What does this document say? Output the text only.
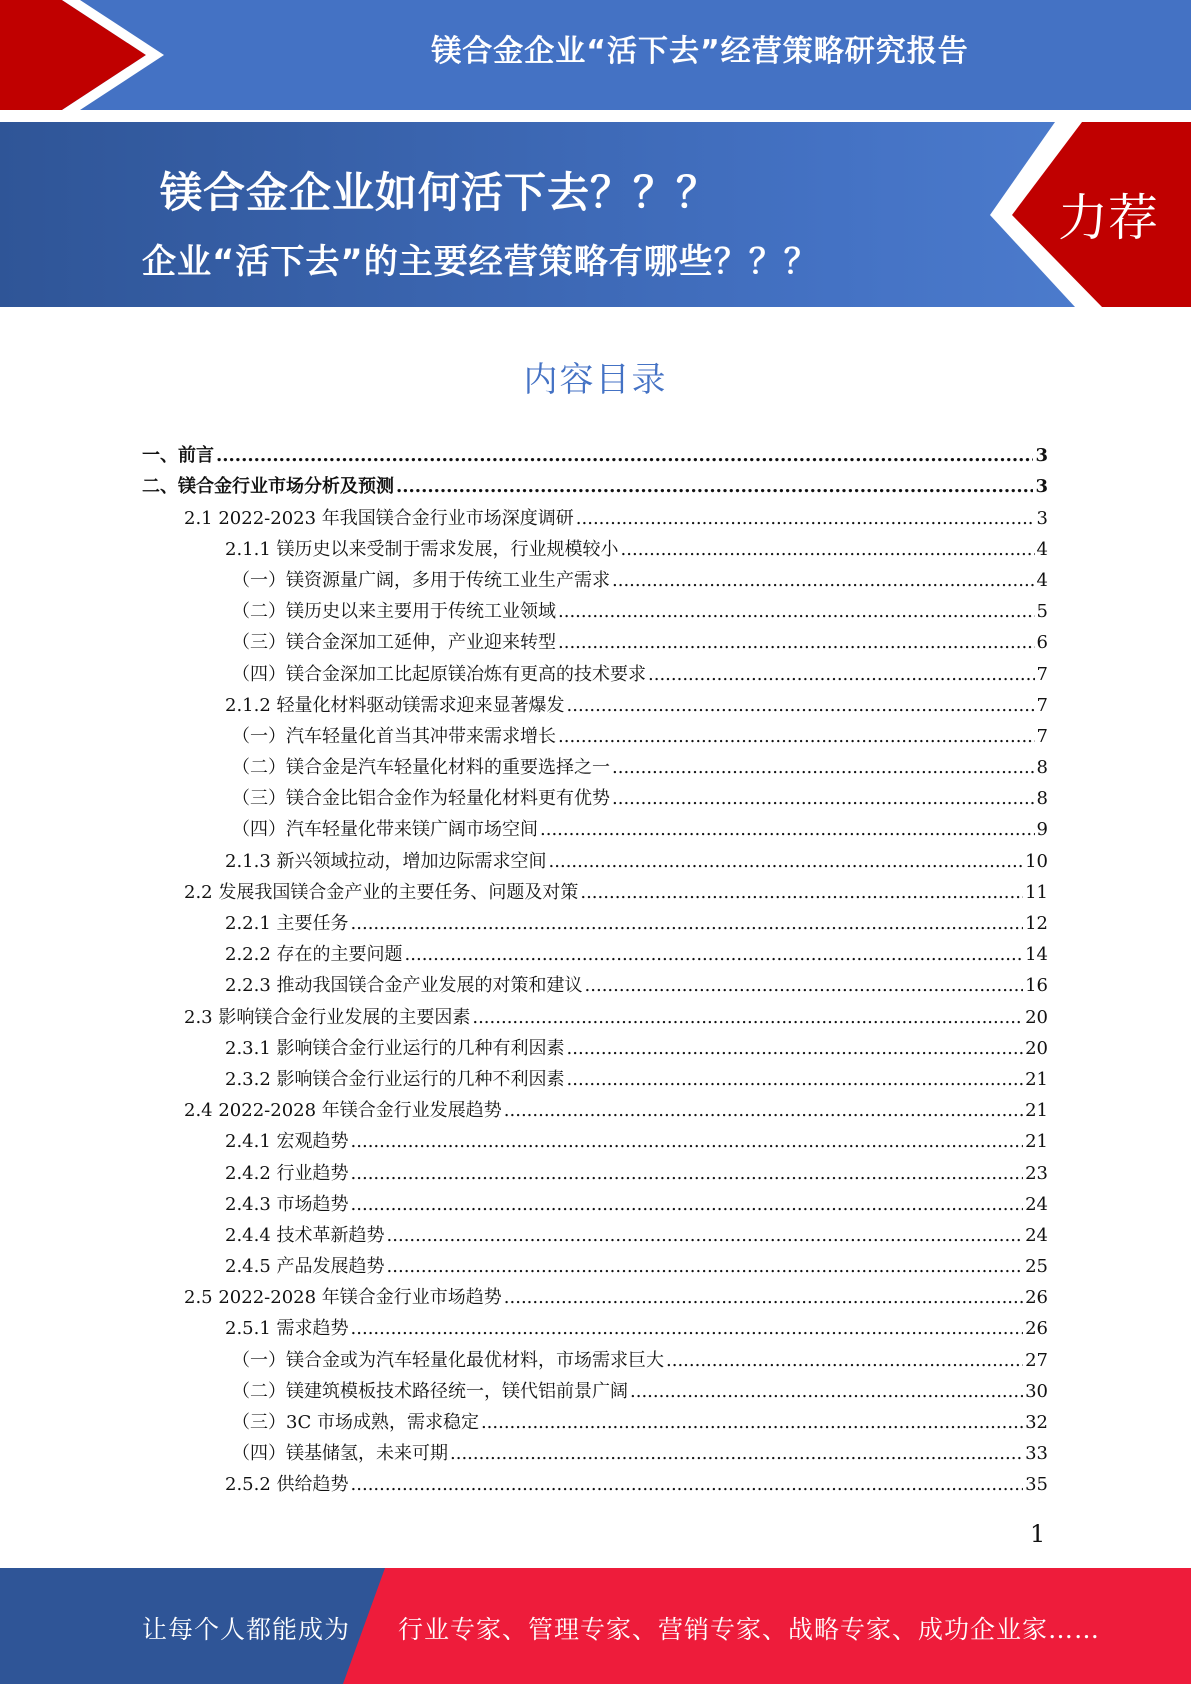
镁合金企业“活下去”经营策略研究报告
镁合金企业如何活下去？？？
企业“活下去”的主要经营策略有哪些？？？
力荐
内容目录
一、前言 .....	3
二、镁合金行业市场分析及预测 .....	3
2.1 2022-2023 年我国镁合金行业市场深度调研 .....	3
2.1.1 镁历史以来受制于需求发展，行业规模较小 .....	4
（一）镁资源量广阔，多用于传统工业生产需求 .....	4
（二）镁历史以来主要用于传统工业领域 .....	5
（三）镁合金深加工延伸，产业迎来转型 .....	6
（四）镁合金深加工比起原镁冶炼有更高的技术要求 .....	7
2.1.2 轻量化材料驱动镁需求迎来显著爆发 .....	7
（一）汽车轻量化首当其冲带来需求增长 .....	7
（二）镁合金是汽车轻量化材料的重要选择之一 .....	8
（三）镁合金比铝合金作为轻量化材料更有优势 .....	8
（四）汽车轻量化带来镁广阔市场空间 .....	9
2.1.3 新兴领域拉动，增加边际需求空间 .....	10
2.2 发展我国镁合金产业的主要任务、问题及对策 .....	11
2.2.1 主要任务 .....	12
2.2.2 存在的主要问题 .....	14
2.2.3 推动我国镁合金产业发展的对策和建议 .....	16
2.3 影响镁合金行业发展的主要因素 .....	20
2.3.1 影响镁合金行业运行的几种有利因素 .....	20
2.3.2 影响镁合金行业运行的几种不利因素 .....	21
2.4 2022-2028 年镁合金行业发展趋势 .....	21
2.4.1 宏观趋势 .....	21
2.4.2 行业趋势 .....	23
2.4.3 市场趋势 .....	24
2.4.4 技术革新趋势 .....	24
2.4.5 产品发展趋势 .....	25
2.5 2022-2028 年镁合金行业市场趋势 .....	26
2.5.1 需求趋势 .....	26
（一）镁合金或为汽车轻量化最优材料，市场需求巨大 .....	27
（二）镁建筑模板技术路径统一，镁代铝前景广阔 .....	30
（三）3C 市场成熟，需求稳定 .....	32
（四）镁基储氢，未来可期 .....	33
2.5.2 供给趋势 .....	35
1
让每个人都能成为 行业专家、管理专家、营销专家、战略专家、成功企业家……
